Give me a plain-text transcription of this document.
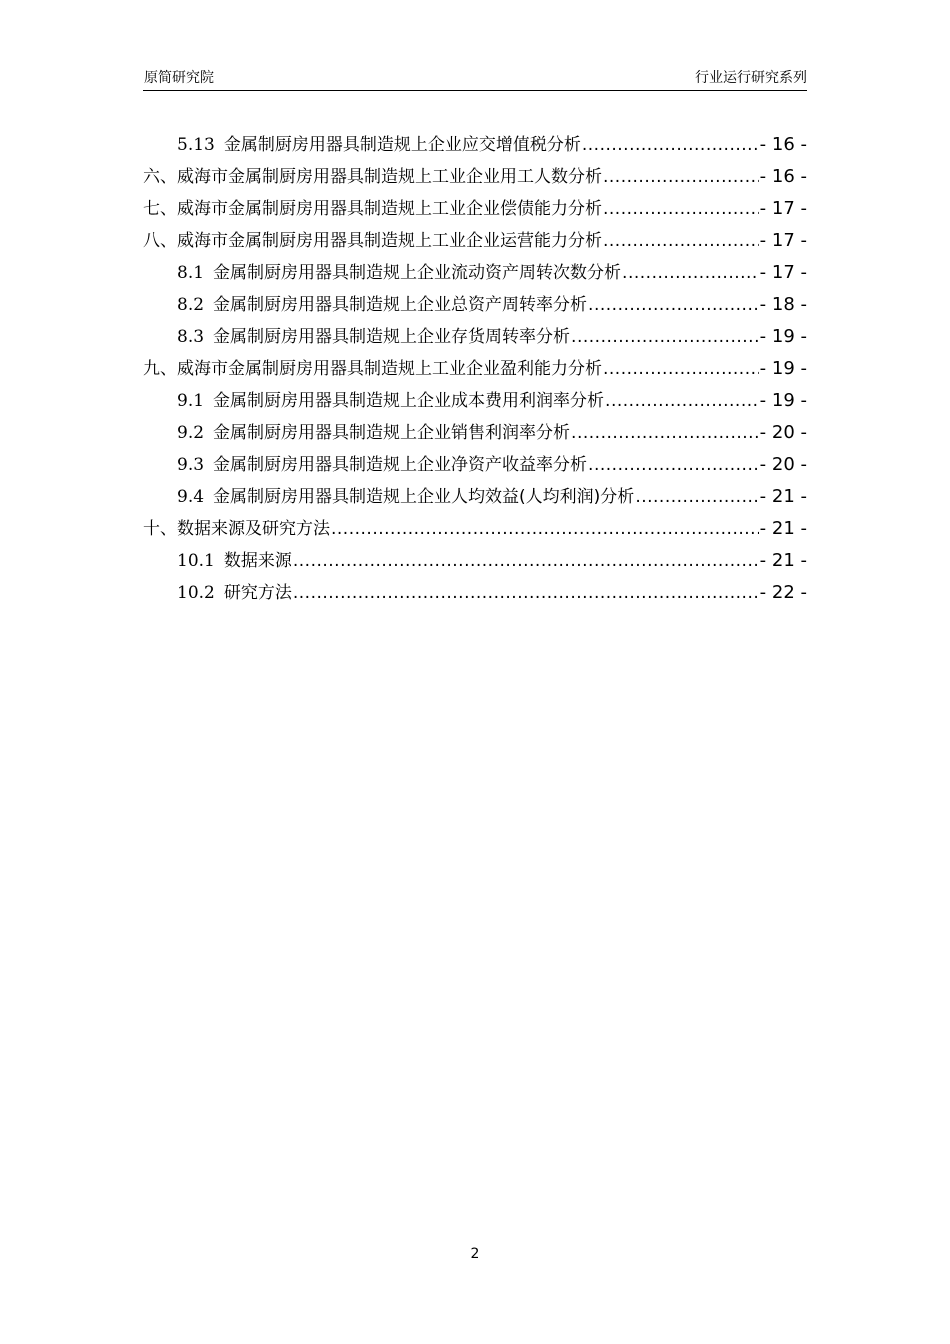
原简研究院	行业运行研究系列
5.13 金属制厨房用器具制造规上企业应交增值税分析 .....	- 16 -
六、威海市金属制厨房用器具制造规上工业企业用工人数分析 .....	- 16 -
七、威海市金属制厨房用器具制造规上工业企业偿债能力分析 .....	- 17 -
八、威海市金属制厨房用器具制造规上工业企业运营能力分析 .....	- 17 -
8.1 金属制厨房用器具制造规上企业流动资产周转次数分析 .....	- 17 -
8.2 金属制厨房用器具制造规上企业总资产周转率分析 .....	- 18 -
8.3 金属制厨房用器具制造规上企业存货周转率分析 .....	- 19 -
九、威海市金属制厨房用器具制造规上工业企业盈利能力分析 .....	- 19 -
9.1 金属制厨房用器具制造规上企业成本费用利润率分析 .....	- 19 -
9.2 金属制厨房用器具制造规上企业销售利润率分析 .....	- 20 -
9.3 金属制厨房用器具制造规上企业净资产收益率分析 .....	- 20 -
9.4 金属制厨房用器具制造规上企业人均效益(人均利润)分析 .....	- 21 -
十、数据来源及研究方法 .....	- 21 -
10.1 数据来源 .....	- 21 -
10.2 研究方法 .....	- 22 -
2
